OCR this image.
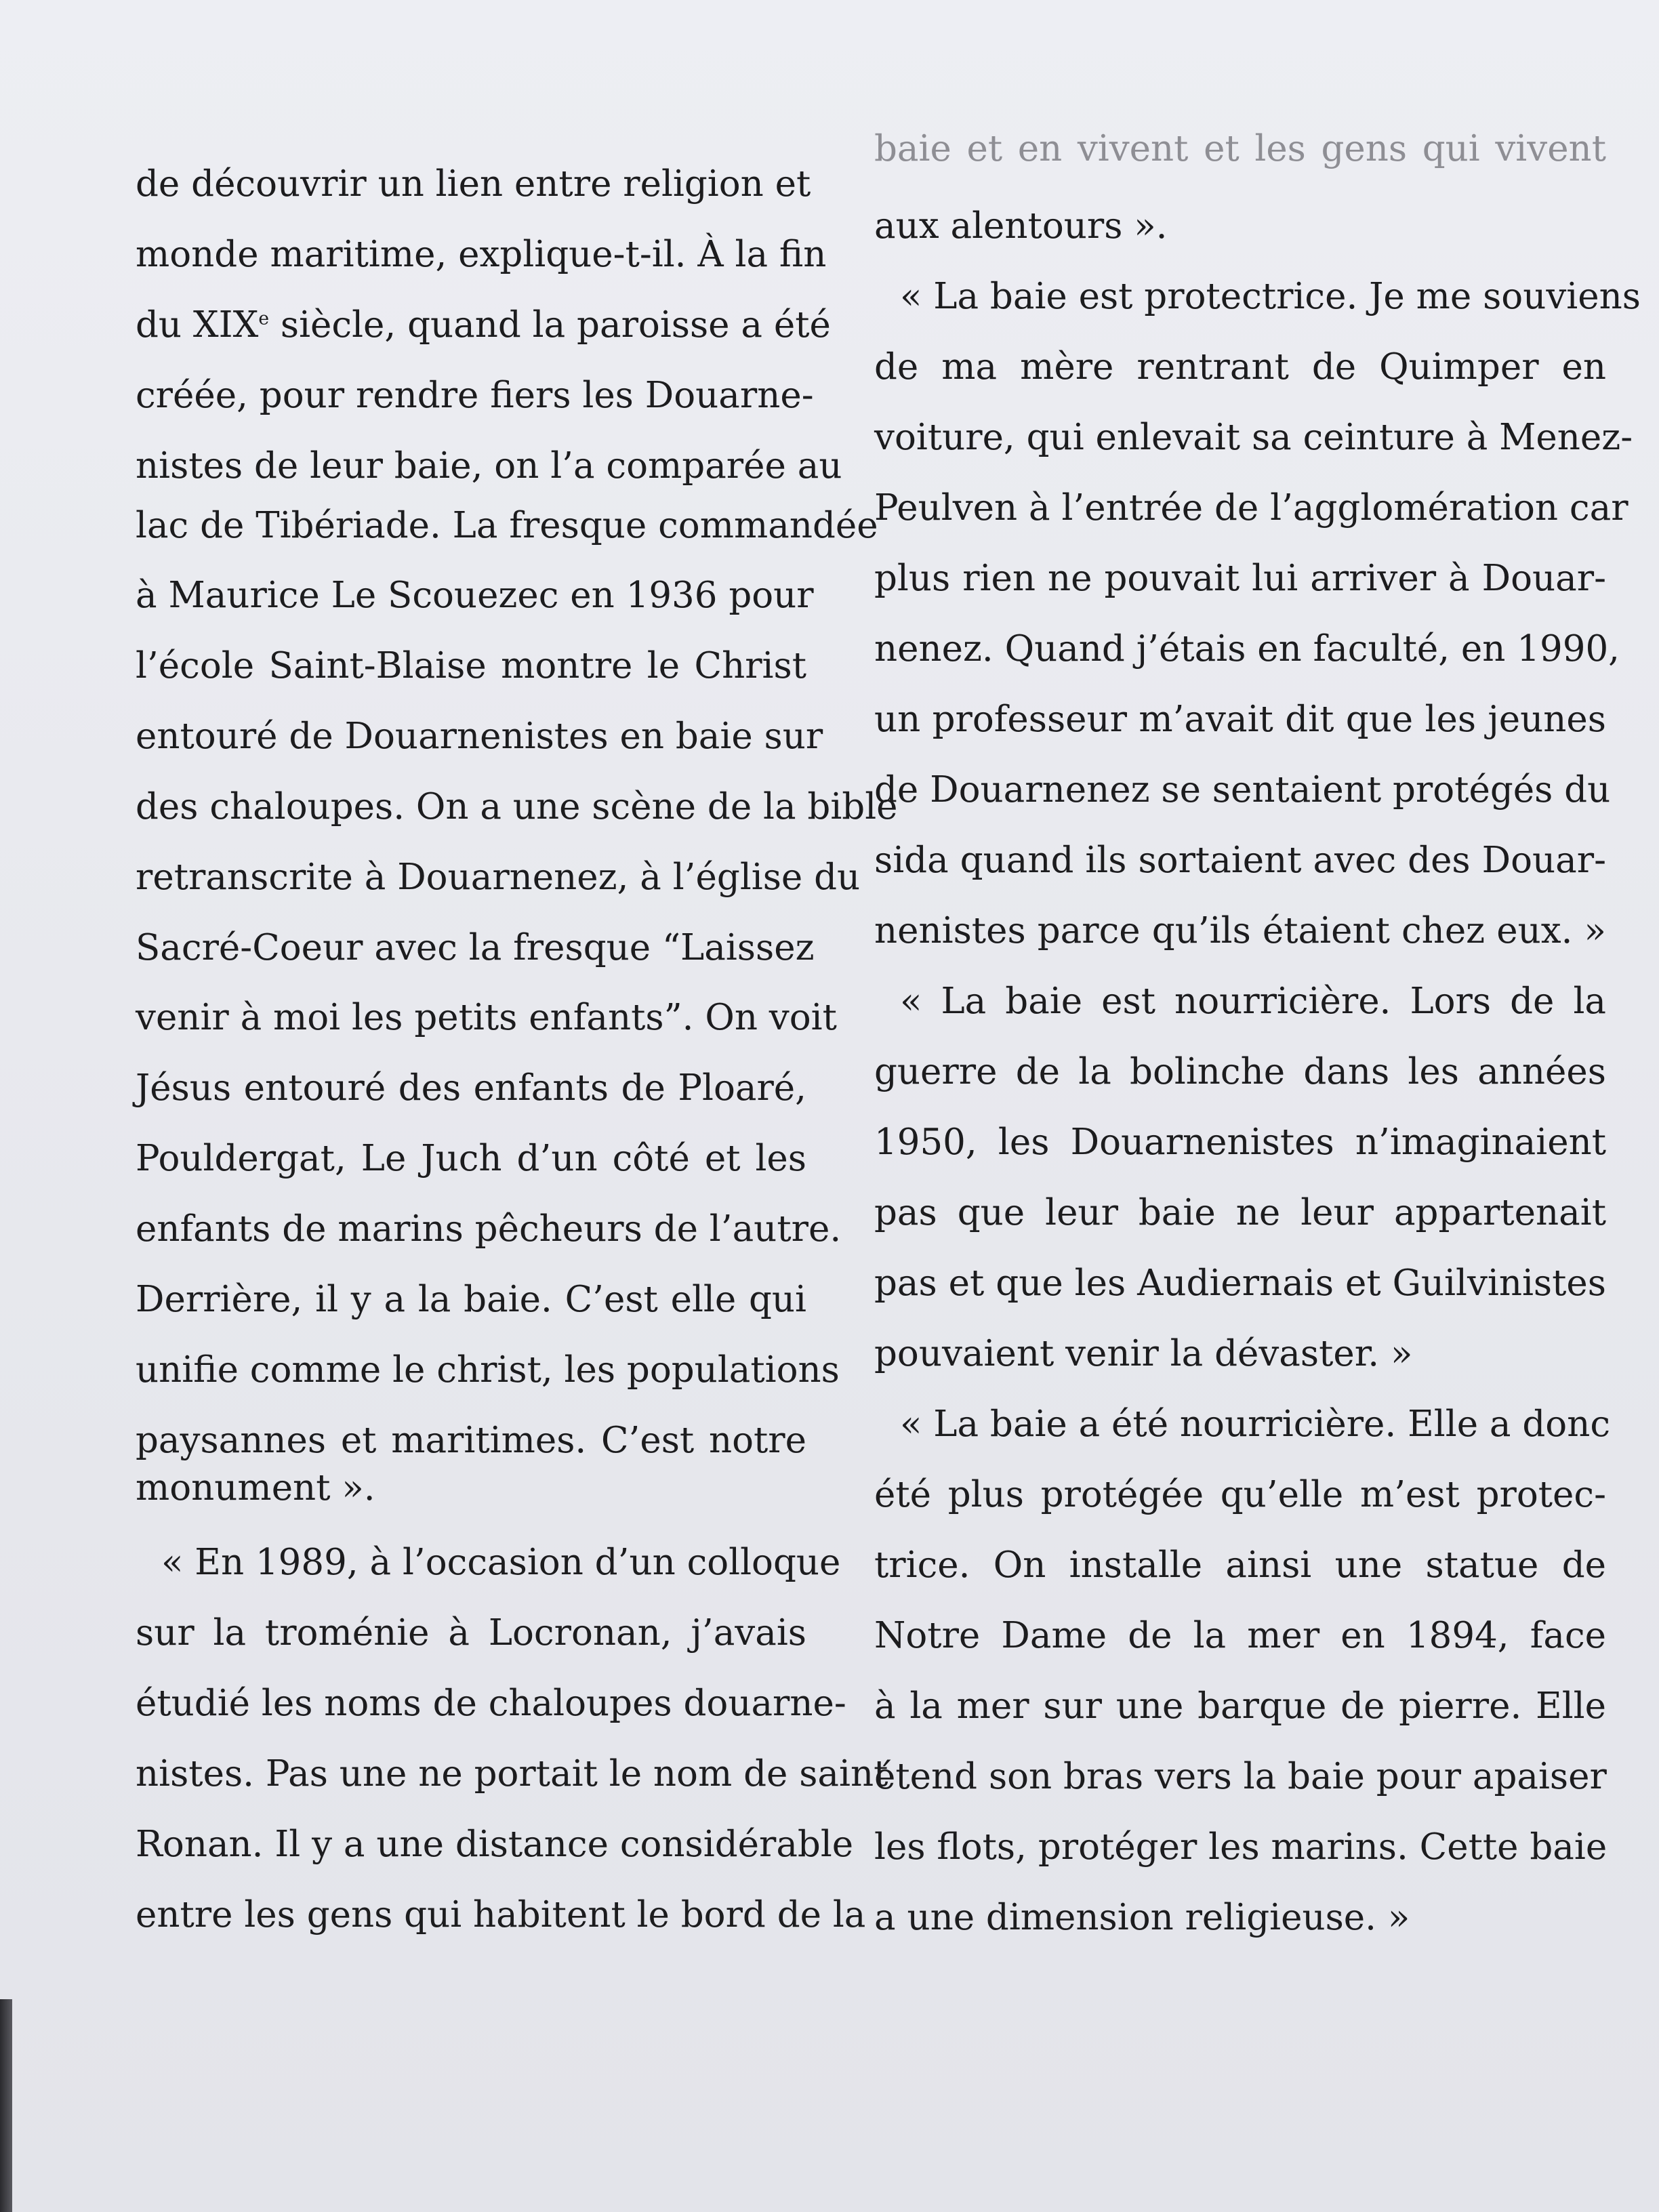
de découvrir un lien entre religion et
monde maritime, explique-t-il. À la fin
du XIXe siècle, quand la paroisse a été
créée, pour rendre fiers les Douarne-
nistes de leur baie, on l’a comparée au
lac de Tibériade. La fresque commandée
à Maurice Le Scouezec en 1936 pour
l’école Saint-Blaise montre le Christ
entouré de Douarnenistes en baie sur
des chaloupes. On a une scène de la bible
retranscrite à Douarnenez, à l’église du
Sacré-Coeur avec la fresque “Laissez
venir à moi les petits enfants”. On voit
Jésus entouré des enfants de Ploaré,
Pouldergat, Le Juch d’un côté et les
enfants de marins pêcheurs de l’autre.
Derrière, il y a la baie. C’est elle qui
unifie comme le christ, les populations
paysannes et maritimes. C’est notre
monument ».
« En 1989, à l’occasion d’un colloque
sur la troménie à Locronan, j’avais
étudié les noms de chaloupes douarne-
nistes. Pas une ne portait le nom de saint
Ronan. Il y a une distance considérable
entre les gens qui habitent le bord de la
baie et en vivent et les gens qui vivent
aux alentours ».
« La baie est protectrice. Je me souviens
de ma mère rentrant de Quimper en
voiture, qui enlevait sa ceinture à Menez-
Peulven à l’entrée de l’agglomération car
plus rien ne pouvait lui arriver à Douar-
nenez. Quand j’étais en faculté, en 1990,
un professeur m’avait dit que les jeunes
de Douarnenez se sentaient protégés du
sida quand ils sortaient avec des Douar-
nenistes parce qu’ils étaient chez eux. »
« La baie est nourricière. Lors de la
guerre de la bolinche dans les années
1950, les Douarnenistes n’imaginaient
pas que leur baie ne leur appartenait
pas et que les Audiernais et Guilvinistes
pouvaient venir la dévaster. »
« La baie a été nourricière. Elle a donc
été plus protégée qu’elle m’est protec-
trice. On installe ainsi une statue de
Notre Dame de la mer en 1894, face
à la mer sur une barque de pierre. Elle
étend son bras vers la baie pour apaiser
les flots, protéger les marins. Cette baie
a une dimension religieuse. »
